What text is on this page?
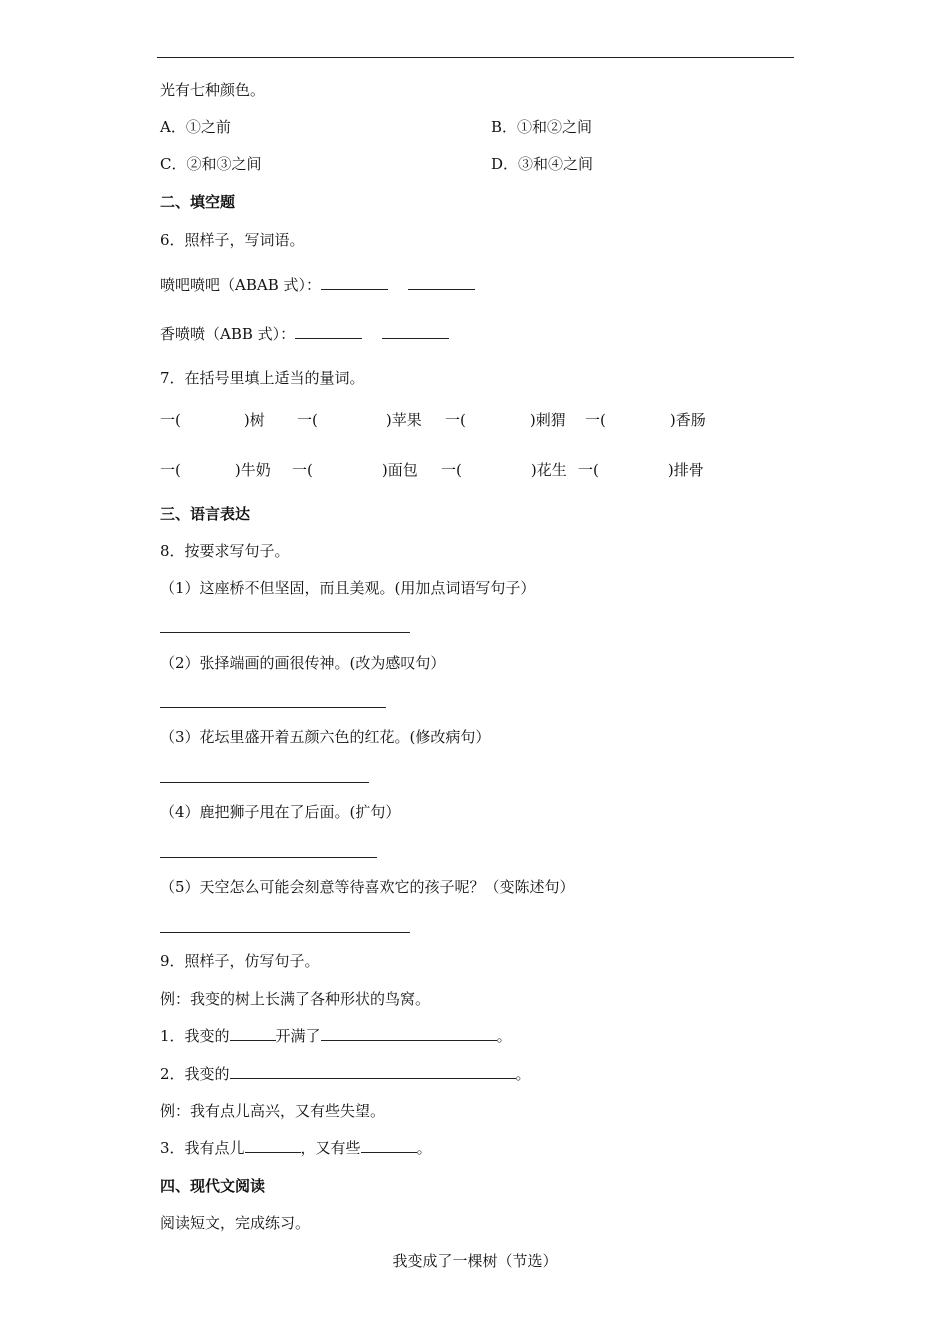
光有七种颜色。
A．①之前	B．①和②之间
C．②和③之间	D．③和④之间
二、填空题
6．照样子，写词语。
喷吧喷吧（ABAB 式）：
香喷喷（ABB 式）：
7．在括号里填上适当的量词。
一(	)树 一(	)苹果 一(	)刺猬 一(	)香肠
一(	)牛奶 一(	)面包 一(	)花生 一(	)排骨
三、语言表达
8．按要求写句子。
（1）这座桥不但坚固，而且美观。(用加点词语写句子）
（2）张择端画的画很传神。(改为感叹句）
（3）花坛里盛开着五颜六色的红花。(修改病句）
（4）鹿把狮子甩在了后面。(扩句）
（5）天空怎么可能会刻意等待喜欢它的孩子呢？（变陈述句）
9．照样子，仿写句子。
例：我变的树上长满了各种形状的鸟窝。
1．我变的	开满了	。
2．我变的	。
例：我有点儿高兴，又有些失望。
3．我有点儿	，又有些	。
四、现代文阅读
阅读短文，完成练习。
我变成了一棵树（节选）
